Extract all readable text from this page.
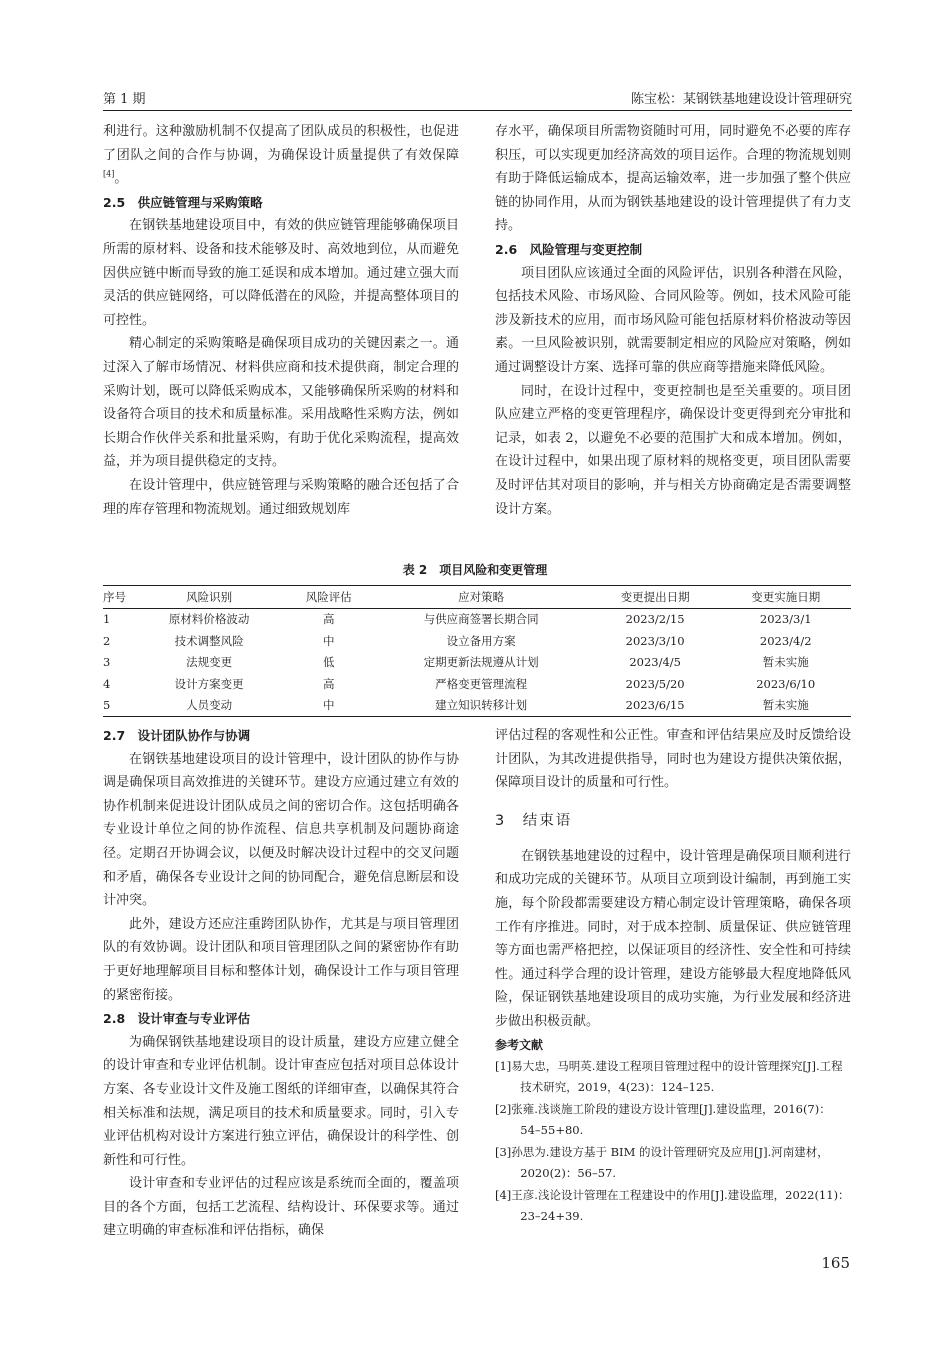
第 1 期	陈宝松：某钢铁基地建设设计管理研究

利进行。这种激励机制不仅提高了团队成员的积极性，也促进了团队之间的合作与协调，为确保设计质量提供了有效保障[4]。

2.5　供应链管理与采购策略

在钢铁基地建设项目中，有效的供应链管理能够确保项目所需的原材料、设备和技术能够及时、高效地到位，从而避免因供应链中断而导致的施工延误和成本增加。通过建立强大而灵活的供应链网络，可以降低潜在的风险，并提高整体项目的可控性。

精心制定的采购策略是确保项目成功的关键因素之一。通过深入了解市场情况、材料供应商和技术提供商，制定合理的采购计划，既可以降低采购成本，又能够确保所采购的材料和设备符合项目的技术和质量标准。采用战略性采购方法，例如长期合作伙伴关系和批量采购，有助于优化采购流程，提高效益，并为项目提供稳定的支持。

在设计管理中，供应链管理与采购策略的融合还包括了合理的库存管理和物流规划。通过细致规划库

存水平，确保项目所需物资随时可用，同时避免不必要的库存积压，可以实现更加经济高效的项目运作。合理的物流规划则有助于降低运输成本，提高运输效率，进一步加强了整个供应链的协同作用，从而为钢铁基地建设的设计管理提供了有力支持。

2.6　风险管理与变更控制

项目团队应该通过全面的风险评估，识别各种潜在风险，包括技术风险、市场风险、合同风险等。例如，技术风险可能涉及新技术的应用，而市场风险可能包括原材料价格波动等因素。一旦风险被识别，就需要制定相应的风险应对策略，例如通过调整设计方案、选择可靠的供应商等措施来降低风险。

同时，在设计过程中，变更控制也是至关重要的。项目团队应建立严格的变更管理程序，确保设计变更得到充分审批和记录，如表 2，以避免不必要的范围扩大和成本增加。例如，在设计过程中，如果出现了原材料的规格变更，项目团队需要及时评估其对项目的影响，并与相关方协商确定是否需要调整设计方案。

表 2　项目风险和变更管理
序号	风险识别	风险评估	应对策略	变更提出日期	变更实施日期
1	原材料价格波动	高	与供应商签署长期合同	2023/2/15	2023/3/1
2	技术调整风险	中	设立备用方案	2023/3/10	2023/4/2
3	法规变更	低	定期更新法规遵从计划	2023/4/5	暂未实施
4	设计方案变更	高	严格变更管理流程	2023/5/20	2023/6/10
5	人员变动	中	建立知识转移计划	2023/6/15	暂未实施
2.7　设计团队协作与协调

在钢铁基地建设项目的设计管理中，设计团队的协作与协调是确保项目高效推进的关键环节。建设方应通过建立有效的协作机制来促进设计团队成员之间的密切合作。这包括明确各专业设计单位之间的协作流程、信息共享机制及问题协商途径。定期召开协调会议，以便及时解决设计过程中的交叉问题和矛盾，确保各专业设计之间的协同配合，避免信息断层和设计冲突。

此外，建设方还应注重跨团队协作，尤其是与项目管理团队的有效协调。设计团队和项目管理团队之间的紧密协作有助于更好地理解项目目标和整体计划，确保设计工作与项目管理的紧密衔接。

2.8　设计审查与专业评估

为确保钢铁基地建设项目的设计质量，建设方应建立健全的设计审查和专业评估机制。设计审查应包括对项目总体设计方案、各专业设计文件及施工图纸的详细审查，以确保其符合相关标准和法规，满足项目的技术和质量要求。同时，引入专业评估机构对设计方案进行独立评估，确保设计的科学性、创新性和可行性。

设计审查和专业评估的过程应该是系统而全面的，覆盖项目的各个方面，包括工艺流程、结构设计、环保要求等。通过建立明确的审查标准和评估指标，确保

评估过程的客观性和公正性。审查和评估结果应及时反馈给设计团队，为其改进提供指导，同时也为建设方提供决策依据，保障项目设计的质量和可行性。

3　结束语

在钢铁基地建设的过程中，设计管理是确保项目顺利进行和成功完成的关键环节。从项目立项到设计编制，再到施工实施，每个阶段都需要建设方精心制定设计管理策略，确保各项工作有序推进。同时，对于成本控制、质量保证、供应链管理等方面也需严格把控，以保证项目的经济性、安全性和可持续性。通过科学合理的设计管理，建设方能够最大程度地降低风险，保证钢铁基地建设项目的成功实施，为行业发展和经济进步做出积极贡献。

参考文献
[1]易大忠，马明英.建设工程项目管理过程中的设计管理探究[J].工程技术研究，2019，4(23)：124–125.
[2]张雍.浅谈施工阶段的建设方设计管理[J].建设监理，2016(7)：54–55+80.
[3]孙思为.建设方基于 BIM 的设计管理研究及应用[J].河南建材，2020(2)：56–57.
[4]王彦.浅论设计管理在工程建设中的作用[J].建设监理，2022(11)：23–24+39.
165
